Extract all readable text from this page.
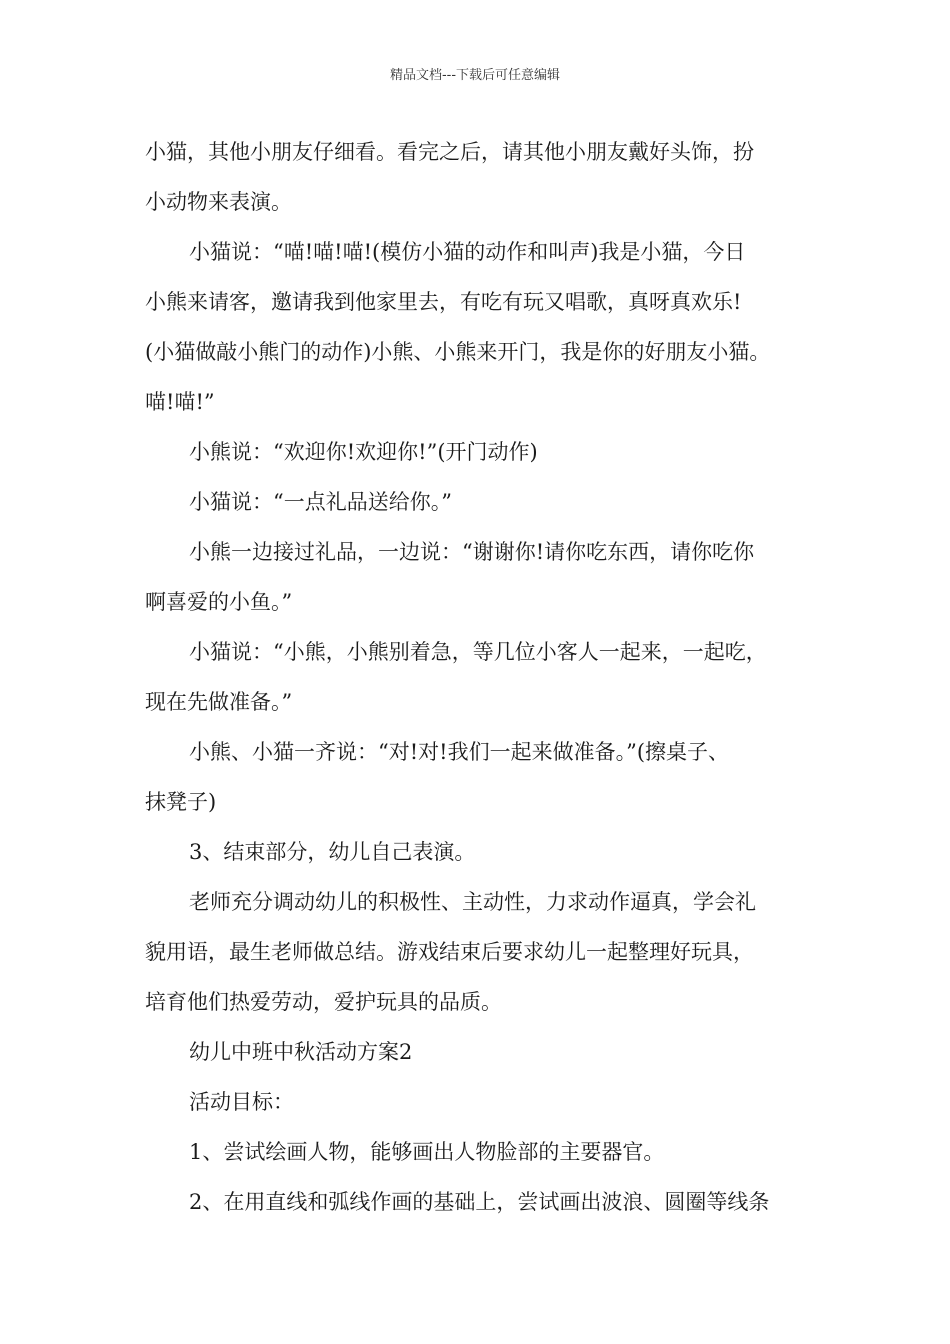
精品文档---下载后可任意编辑

小猫，其他小朋友仔细看。看完之后，请其他小朋友戴好头饰，扮

小动物来表演。

小猫说：“喵!喵!喵!(模仿小猫的动作和叫声)我是小猫，今日

小熊来请客，邀请我到他家里去，有吃有玩又唱歌，真呀真欢乐!

(小猫做敲小熊门的动作)小熊、小熊来开门，我是你的好朋友小猫。

喵!喵!”

小熊说：“欢迎你!欢迎你!”(开门动作)

小猫说：“一点礼品送给你。”

小熊一边接过礼品，一边说：“谢谢你!请你吃东西，请你吃你

啊喜爱的小鱼。”

小猫说：“小熊，小熊别着急，等几位小客人一起来，一起吃，

现在先做准备。”

小熊、小猫一齐说：“对!对!我们一起来做准备。”(擦桌子、

抹凳子)

3、结束部分，幼儿自己表演。

老师充分调动幼儿的积极性、主动性，力求动作逼真，学会礼

貌用语，最生老师做总结。游戏结束后要求幼儿一起整理好玩具，

培育他们热爱劳动，爱护玩具的品质。

幼儿中班中秋活动方案2

活动目标：

1、尝试绘画人物，能够画出人物脸部的主要器官。

2、在用直线和弧线作画的基础上，尝试画出波浪、圆圈等线条
